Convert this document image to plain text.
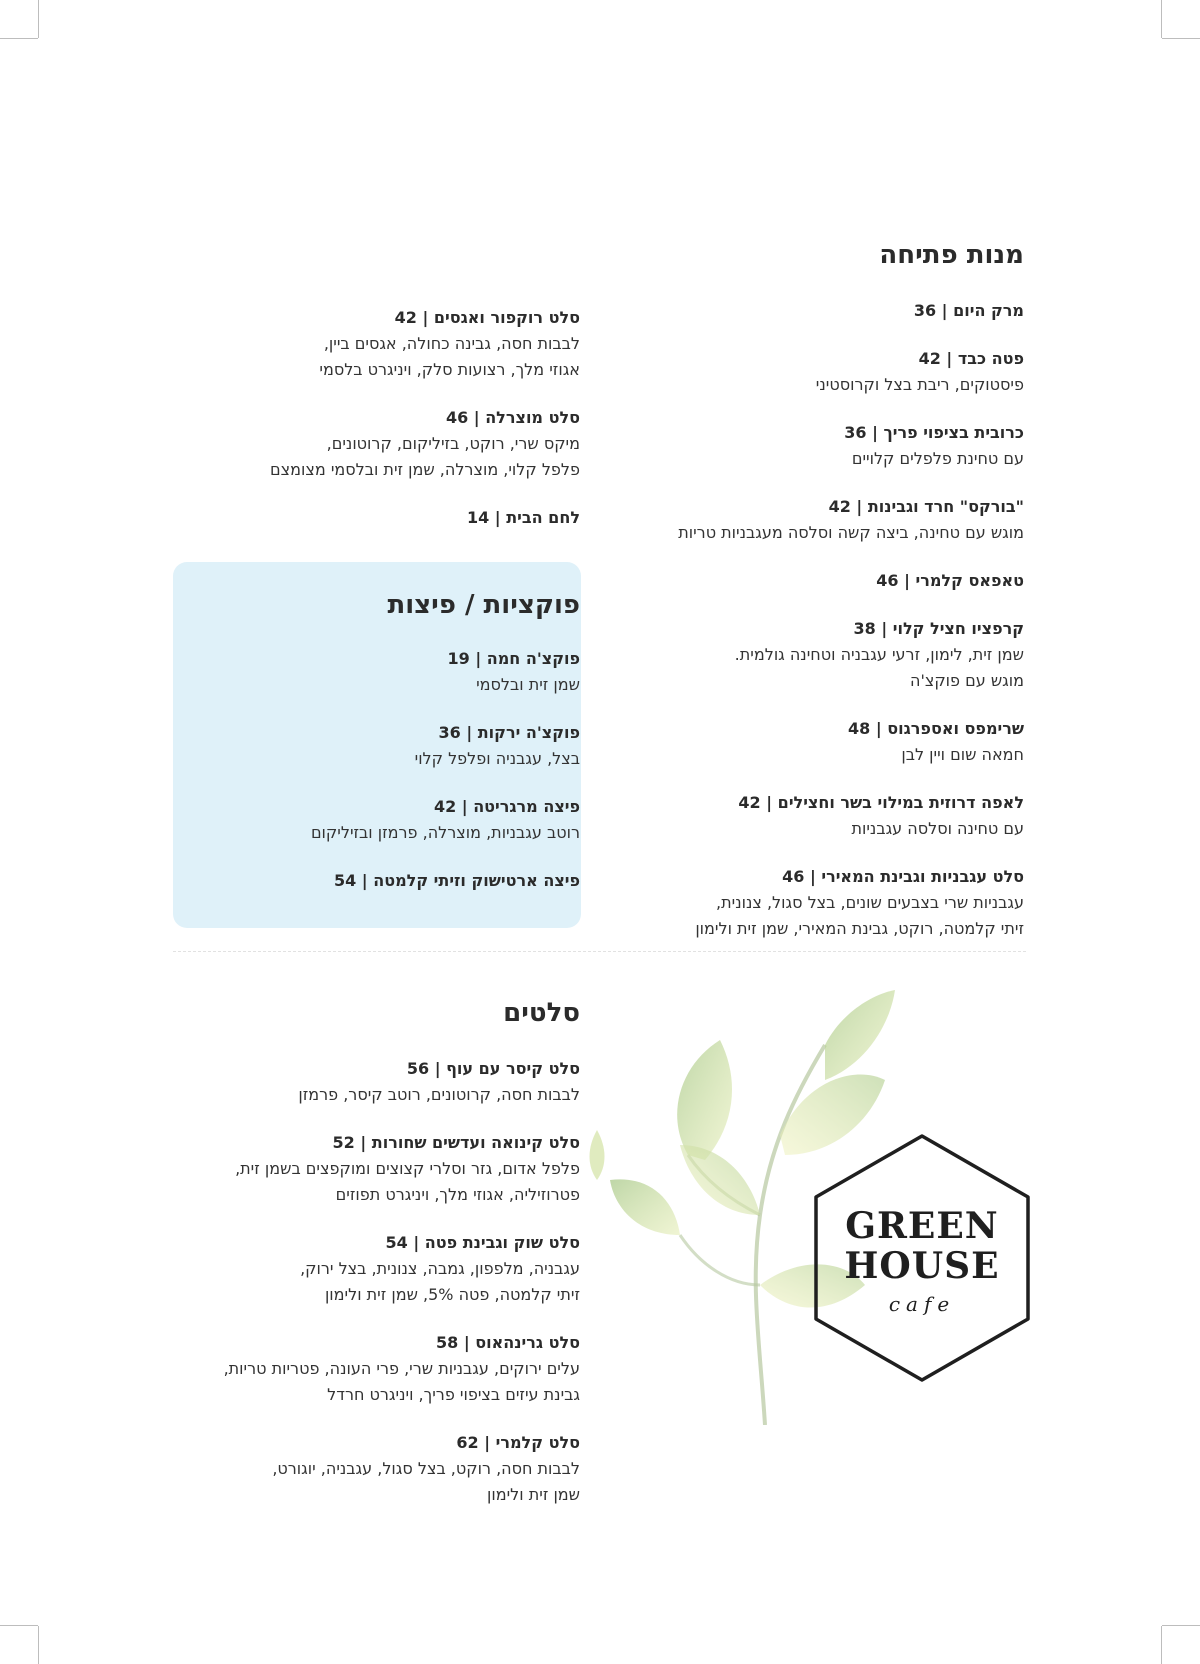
מנות פתיחה
מרק היום | 36
פטה כבד | 42
פיסטוקים, ריבת בצל וקרוסטיני
כרובית בציפוי פריך | 36
עם טחינת פלפלים קלויים
"בורקס" חרד וגבינות | 42
מוגש עם טחינה, ביצה קשה וסלסה מעגבניות טריות
טאפאס קלמרי | 46
קרפציו חציל קלוי | 38
שמן זית, לימון, זרעי עגבניה וטחינה גולמית.
מוגש עם פוקצ'ה
שרימפס ואספרגוס | 48
חמאה שום ויין לבן
לאפה דרוזית במילוי בשר וחצילים | 42
עם טחינה וסלסה עגבניות
סלט עגבניות וגבינת המאירי | 46
עגבניות שרי בצבעים שונים, בצל סגול, צנונית,
זיתי קלמטה, רוקט, גבינת המאירי, שמן זית ולימון
סלט רוקפור ואגסים | 42
לבבות חסה, גבינה כחולה, אגסים ביין,
אגוזי מלך, רצועות סלק, ויניגרט בלסמי
סלט מוצרלה | 46
מיקס שרי, רוקט, בזיליקום, קרוטונים,
פלפל קלוי, מוצרלה, שמן זית ובלסמי מצומצם
לחם הבית | 14
פוקציות / פיצות
פוקצ'ה חמה | 19
שמן זית ובלסמי
פוקצ'ה ירקות | 36
בצל, עגבניה ופלפל קלוי
פיצה מרגריטה | 42
רוטב עגבניות, מוצרלה, פרמזן ובזיליקום
פיצה ארטישוק וזיתי קלמטה | 54
סלטים
סלט קיסר עם עוף | 56
לבבות חסה, קרוטונים, רוטב קיסר, פרמזן
סלט קינואה ועדשים שחורות | 52
פלפל אדום, גזר וסלרי קצוצים ומוקפצים בשמן זית,
פטרוזיליה, אגוזי מלך, ויניגרט תפוזים
סלט שוק וגבינת פטה | 54
עגבניה, מלפפון, גמבה, צנונית, בצל ירוק,
זיתי קלמטה, פטה 5%, שמן זית ולימון
סלט גרינהאוס | 58
עלים ירוקים, עגבניות שרי, פרי העונה, פטריות טריות,
גבינת עיזים בציפוי פריך, ויניגרט חרדל
סלט קלמרי | 62
לבבות חסה, רוקט, בצל סגול, עגבניה, יוגורט,
שמן זית ולימון
GREEN
HOUSE
cafe
